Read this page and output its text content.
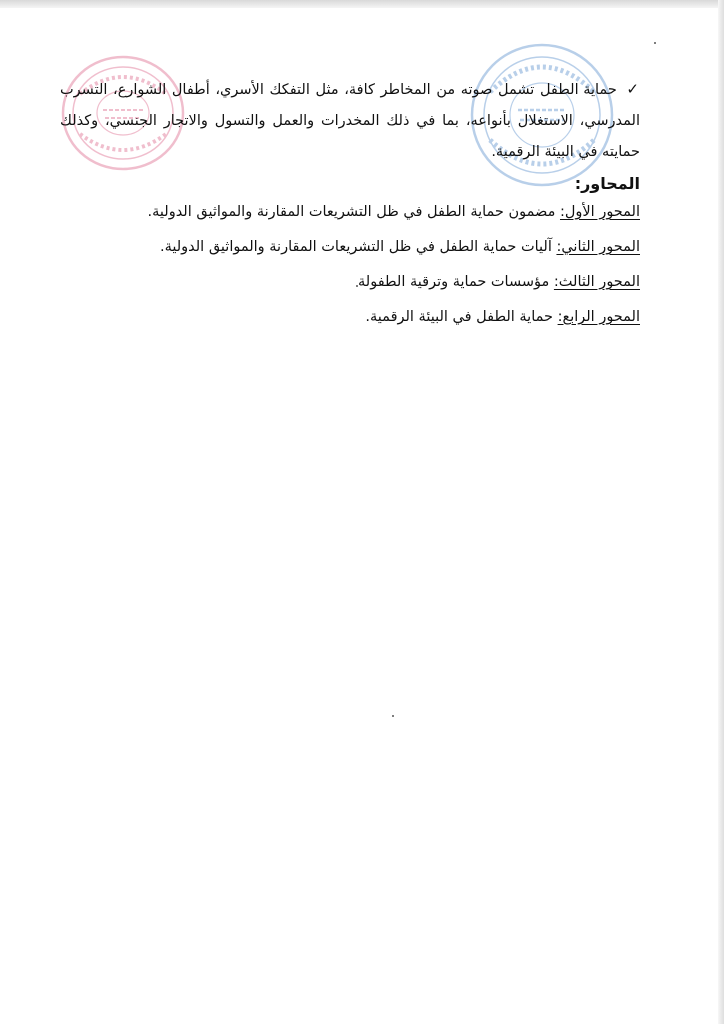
✓ حماية الطفل تشمل صوته من المخاطر كافة، مثل التفكك الأسري، أطفال الشوارع، التسرب المدرسي، الاستغلال بأنواعه، بما في ذلك المخدرات والعمل والتسول والاتجار الجنسي، وكذلك حمايته في البيئة الرقمية.

المحاور:

المحور الأول: مضمون حماية الطفل في ظل التشريعات المقارنة والمواثيق الدولية.

المحور الثاني: آليات حماية الطفل في ظل التشريعات المقارنة والمواثيق الدولية.

المحور الثالث: مؤسسات حماية وترقية الطفولة

المحور الرابع: حماية الطفل في البيئة الرقمية.
